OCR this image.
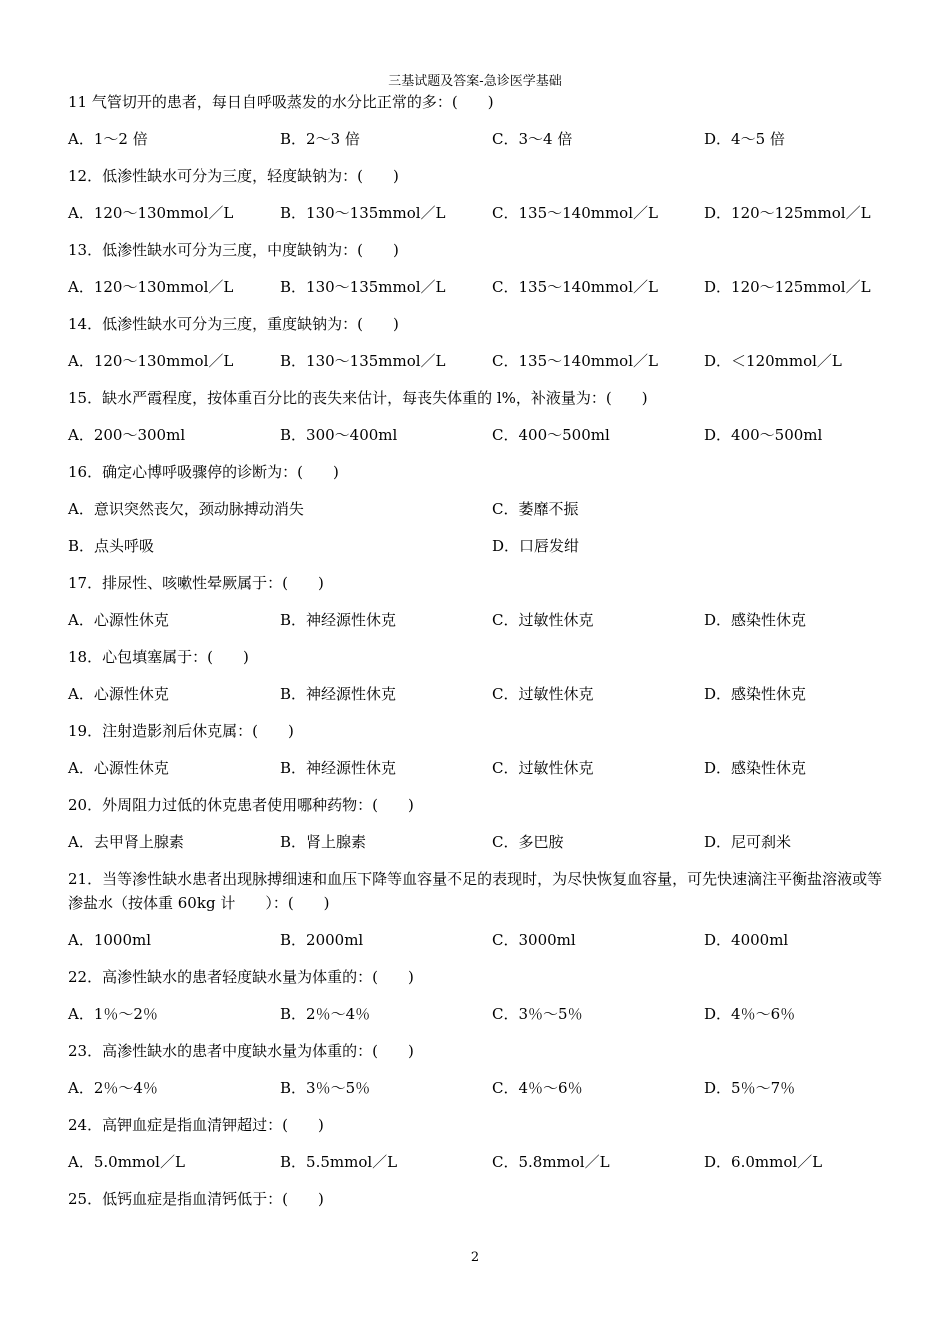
三基试题及答案-急诊医学基础

11 气管切开的患者，每日自呼吸蒸发的水分比正常的多：(　　)

A．1～2 倍	B．2～3 倍	C．3～4 倍	D．4～5 倍

12．低渗性缺水可分为三度，轻度缺钠为：(　　)

A．120～130mmol／L	B．130～135mmol／L	C．135～140mmol／L	D．120～125mmol／L

13．低渗性缺水可分为三度，中度缺钠为：(　　)

A．120～130mmol／L	B．130～135mmol／L	C．135～140mmol／L	D．120～125mmol／L

14．低渗性缺水可分为三度，重度缺钠为：(　　)

A．120～130mmol／L	B．130～135mmol／L	C．135～140mmol／L	D．＜120mmol／L

15．缺水严霞程度，按体重百分比的丧失来估计，每丧失体重的 l%，补液量为：(　　)

A．200～300ml	B．300～400ml	C．400～500ml	D．400～500ml

16．确定心博呼吸骤停的诊断为：(　　)

A．意识突然丧欠，颈动脉搏动消失	C．萎靡不振
B．点头呼吸	D．口唇发绀

17．排尿性、咳嗽性晕厥属于：(　　)

A．心源性休克	B．神经源性休克	C．过敏性休克	D．感染性休克

18．心包填塞属于：(　　)

A．心源性休克	B．神经源性休克	C．过敏性休克	D．感染性休克

19．注射造影剂后休克属：(　　)

A．心源性休克	B．神经源性休克	C．过敏性休克	D．感染性休克

20．外周阻力过低的休克患者使用哪种药物：(　　)

A．去甲肾上腺素	B．肾上腺素	C．多巴胺	D．尼可刹米

21．当等渗性缺水患者出现脉搏细速和血压下降等血容量不足的表现时，为尽快恢复血容量，可先快速滴注平衡盐溶液或等渗盐水（按体重 60kg 计　　）：(　　)

A．1000ml	B．2000ml	C．3000ml	D．4000ml

22．高渗性缺水的患者轻度缺水量为体重的：(　　)

A．1％～2％	B．2％～4％	C．3％～5％	D．4％～6％

23．高渗性缺水的患者中度缺水量为体重的：(　　)

A．2％～4％	B．3％～5％	C．4％～6％	D．5％～7％

24．高钾血症是指血清钾超过：(　　)

A．5.0mmol／L	B．5.5mmol／L	C．5.8mmol／L	D．6.0mmol／L

25．低钙血症是指血清钙低于：(　　)

2
